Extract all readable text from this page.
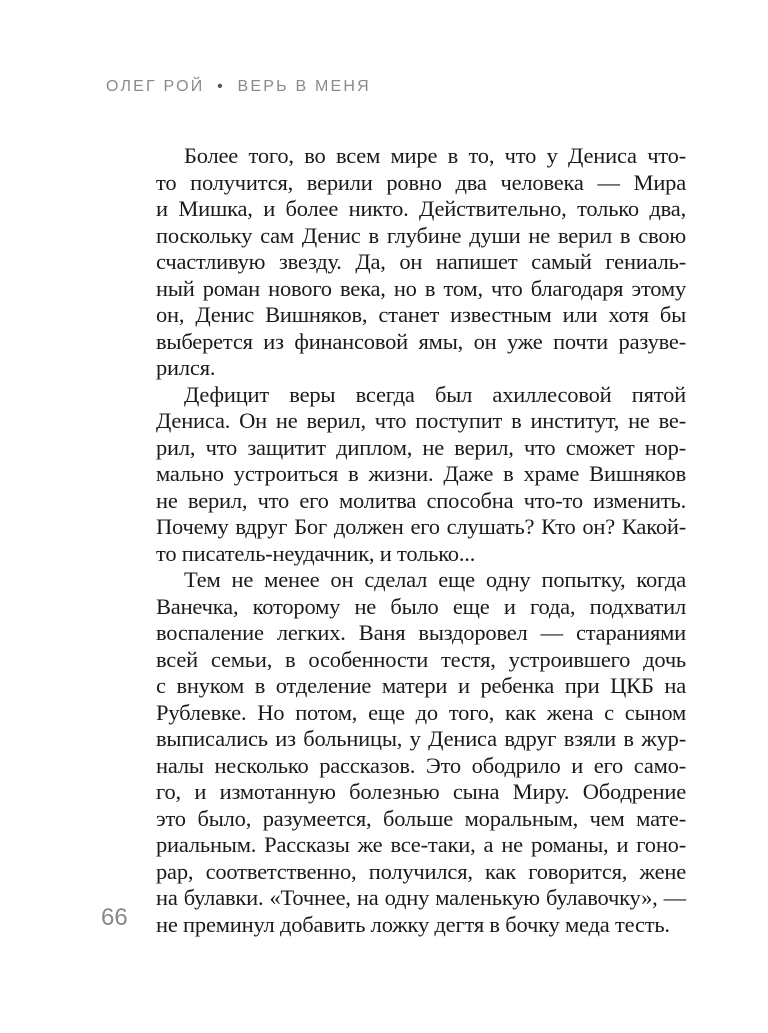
ОЛЕГ РОЙ • ВЕРЬ В МЕНЯ
Более того, во всем мире в то, что у Дениса что-
то получится, верили ровно два человека — Мира
и Мишка, и более никто. Действительно, только два,
поскольку сам Денис в глубине души не верил в свою
счастливую звезду. Да, он напишет самый гениаль-
ный роман нового века, но в том, что благодаря этому
он, Денис Вишняков, станет известным или хотя бы
выберется из финансовой ямы, он уже почти разуве-
рился.
Дефицит веры всегда был ахиллесовой пятой
Дениса. Он не верил, что поступит в институт, не ве-
рил, что защитит диплом, не верил, что сможет нор-
мально устроиться в жизни. Даже в храме Вишняков
не верил, что его молитва способна что-то изменить.
Почему вдруг Бог должен его слушать? Кто он? Какой-
то писатель-неудачник, и только...
Тем не менее он сделал еще одну попытку, когда
Ванечка, которому не было еще и года, подхватил
воспаление легких. Ваня выздоровел — стараниями
всей семьи, в особенности тестя, устроившего дочь
с внуком в отделение матери и ребенка при ЦКБ на
Рублевке. Но потом, еще до того, как жена с сыном
выписались из больницы, у Дениса вдруг взяли в жур-
налы несколько рассказов. Это ободрило и его само-
го, и измотанную болезнью сына Миру. Ободрение
это было, разумеется, больше моральным, чем мате-
риальным. Рассказы же все-таки, а не романы, и гоно-
рар, соответственно, получился, как говорится, жене
на булавки. «Точнее, на одну маленькую булавочку», —
не преминул добавить ложку дегтя в бочку меда тесть.
66
